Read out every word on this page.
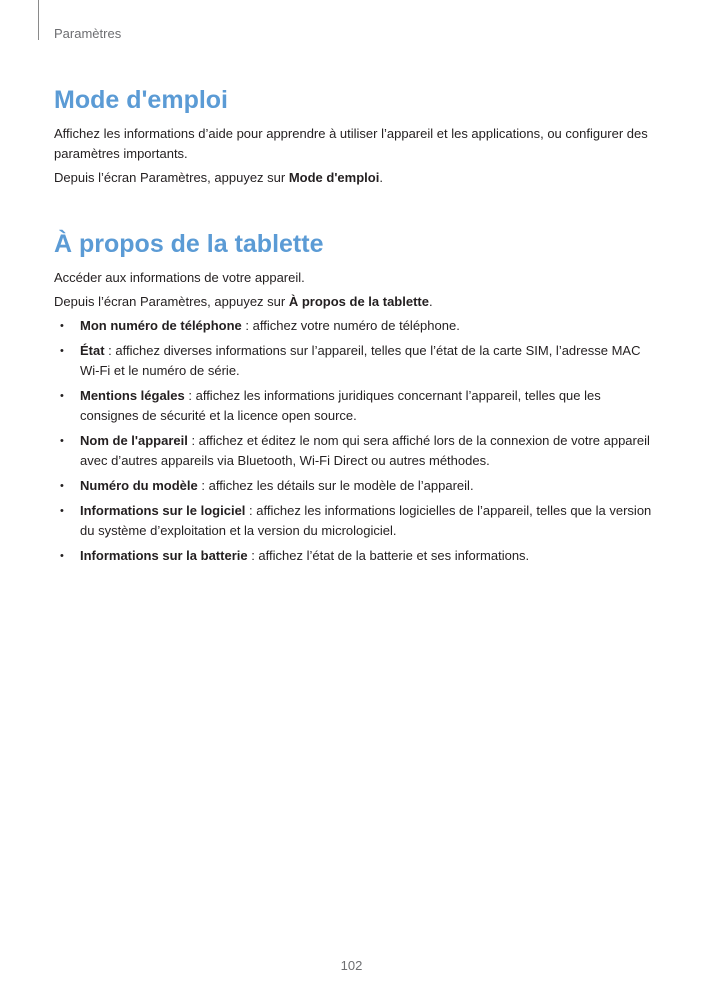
Paramètres
Mode d'emploi

Affichez les informations d’aide pour apprendre à utiliser l’appareil et les applications, ou configurer des paramètres importants.

Depuis l’écran Paramètres, appuyez sur Mode d'emploi.

À propos de la tablette

Accéder aux informations de votre appareil.

Depuis l’écran Paramètres, appuyez sur À propos de la tablette.

• Mon numéro de téléphone : affichez votre numéro de téléphone.
• État : affichez diverses informations sur l’appareil, telles que l’état de la carte SIM, l’adresse MAC Wi-Fi et le numéro de série.
• Mentions légales : affichez les informations juridiques concernant l’appareil, telles que les consignes de sécurité et la licence open source.
• Nom de l'appareil : affichez et éditez le nom qui sera affiché lors de la connexion de votre appareil avec d’autres appareils via Bluetooth, Wi-Fi Direct ou autres méthodes.
• Numéro du modèle : affichez les détails sur le modèle de l’appareil.
• Informations sur le logiciel : affichez les informations logicielles de l’appareil, telles que la version du système d’exploitation et la version du micrologiciel.
• Informations sur la batterie : affichez l’état de la batterie et ses informations.
102
